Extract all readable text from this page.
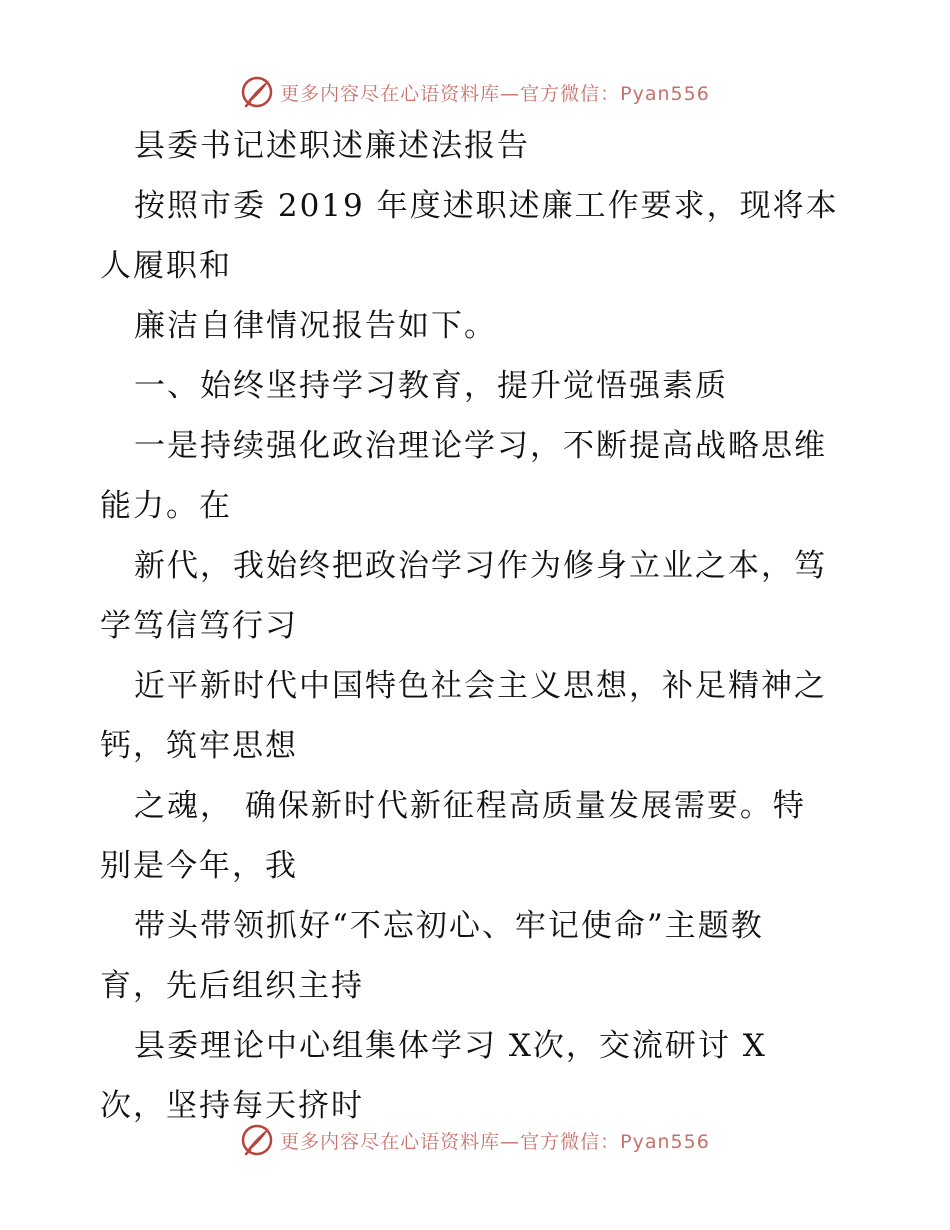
更多内容尽在心语资料库—官方微信：Pyan556
县委书记述职述廉述法报告
按照市委 2019 年度述职述廉工作要求，现将本
人履职和
廉洁自律情况报告如下。
一、始终坚持学习教育，提升觉悟强素质
一是持续强化政治理论学习，不断提高战略思维
能力。在
新代，我始终把政治学习作为修身立业之本，笃
学笃信笃行习
近平新时代中国特色社会主义思想，补足精神之
钙，筑牢思想
之魂， 确保新时代新征程高质量发展需要。特
别是今年，我
带头带领抓好“不忘初心、牢记使命”主题教
育，先后组织主持
县委理论中心组集体学习 X次，交流研讨 X
次，坚持每天挤时
更多内容尽在心语资料库—官方微信：Pyan556
